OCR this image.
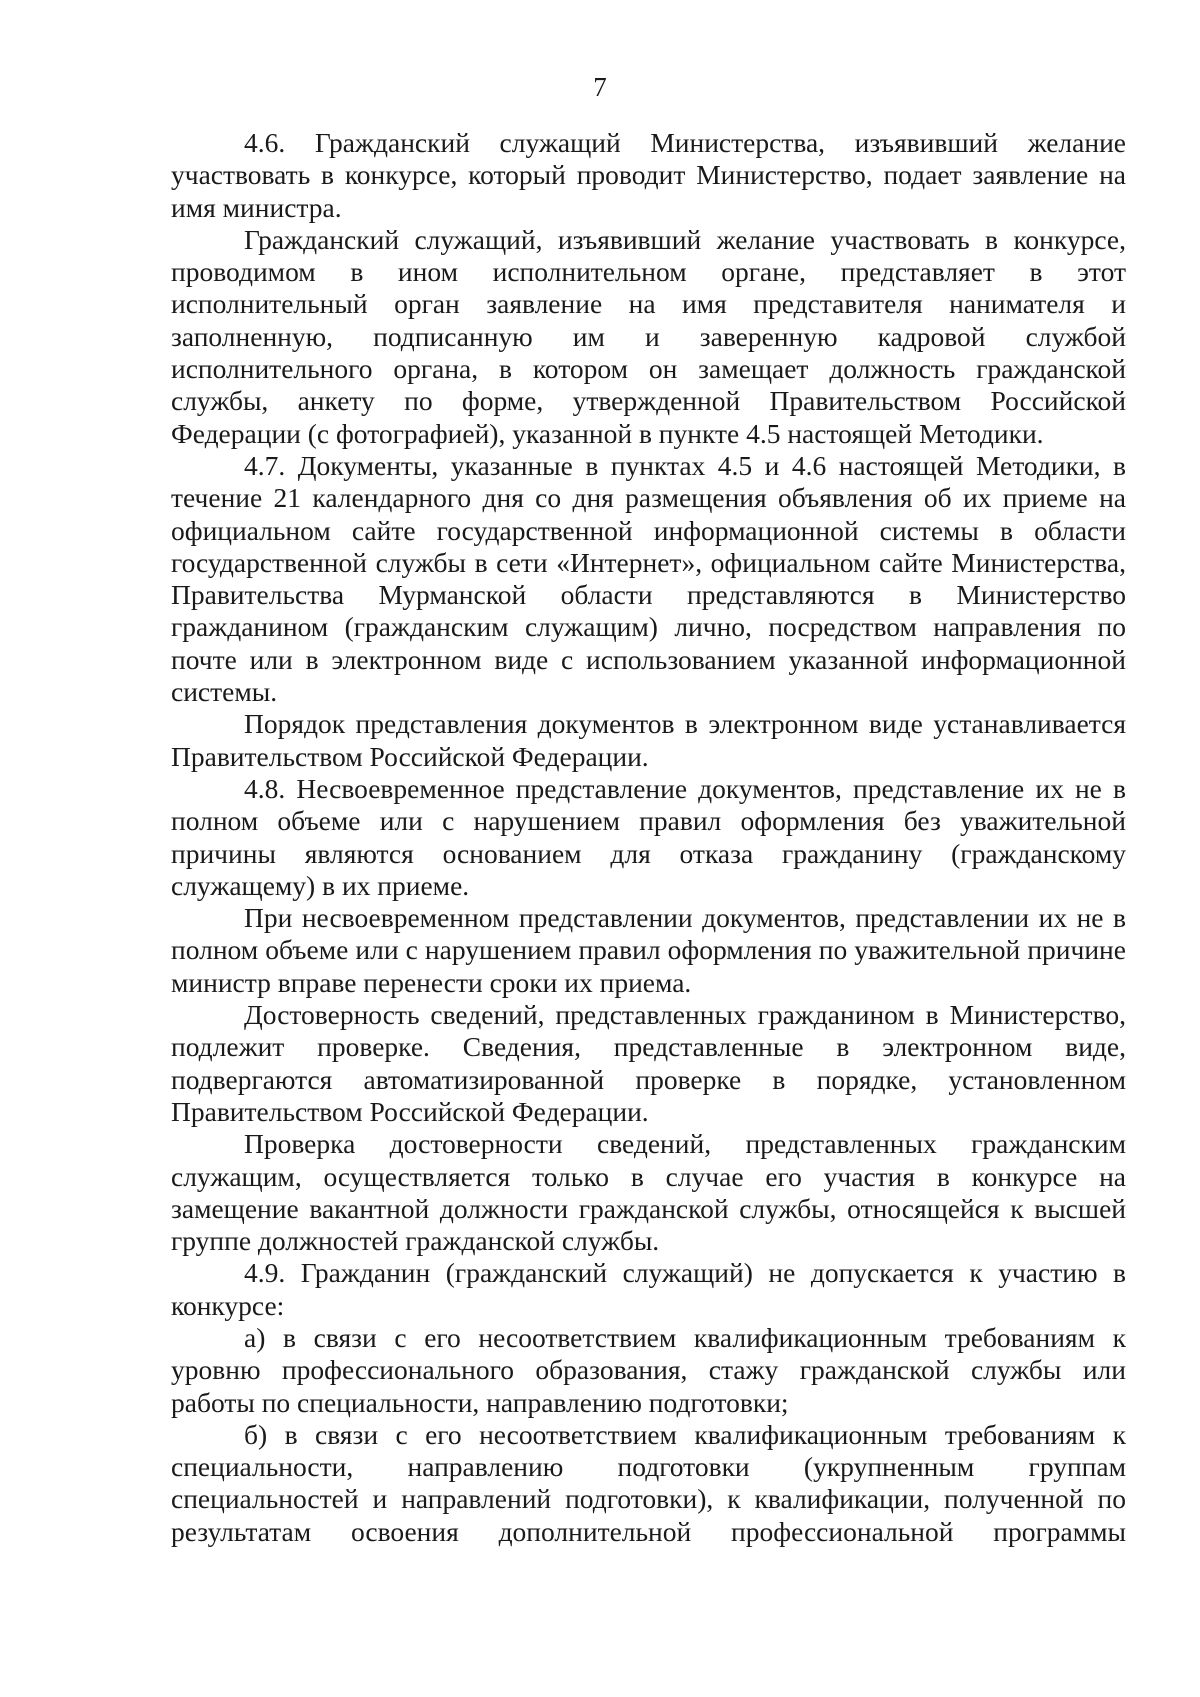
7

4.6. Гражданский служащий Министерства, изъявивший желание участвовать в конкурсе, который проводит Министерство, подает заявление на имя министра.

Гражданский служащий, изъявивший желание участвовать в конкурсе, проводимом в ином исполнительном органе, представляет в этот исполнительный орган заявление на имя представителя нанимателя и заполненную, подписанную им и заверенную кадровой службой исполнительного органа, в котором он замещает должность гражданской службы, анкету по форме, утвержденной Правительством Российской Федерации (с фотографией), указанной в пункте 4.5 настоящей Методики.

4.7. Документы, указанные в пунктах 4.5 и 4.6 настоящей Методики, в течение 21 календарного дня со дня размещения объявления об их приеме на официальном сайте государственной информационной системы в области государственной службы в сети «Интернет», официальном сайте Министерства, Правительства Мурманской области представляются в Министерство гражданином (гражданским служащим) лично, посредством направления по почте или в электронном виде с использованием указанной информационной системы.

Порядок представления документов в электронном виде устанавливается Правительством Российской Федерации.

4.8. Несвоевременное представление документов, представление их не в полном объеме или с нарушением правил оформления без уважительной причины являются основанием для отказа гражданину (гражданскому служащему) в их приеме.

При несвоевременном представлении документов, представлении их не в полном объеме или с нарушением правил оформления по уважительной причине министр вправе перенести сроки их приема.

Достоверность сведений, представленных гражданином в Министерство, подлежит проверке. Сведения, представленные в электронном виде, подвергаются автоматизированной проверке в порядке, установленном Правительством Российской Федерации.

Проверка достоверности сведений, представленных гражданским служащим, осуществляется только в случае его участия в конкурсе на замещение вакантной должности гражданской службы, относящейся к высшей группе должностей гражданской службы.

4.9. Гражданин (гражданский служащий) не допускается к участию в конкурсе:

а) в связи с его несоответствием квалификационным требованиям к уровню профессионального образования, стажу гражданской службы или работы по специальности, направлению подготовки;

б) в связи с его несоответствием квалификационным требованиям к специальности, направлению подготовки (укрупненным группам специальностей и направлений подготовки), к квалификации, полученной по результатам освоения дополнительной профессиональной программы
